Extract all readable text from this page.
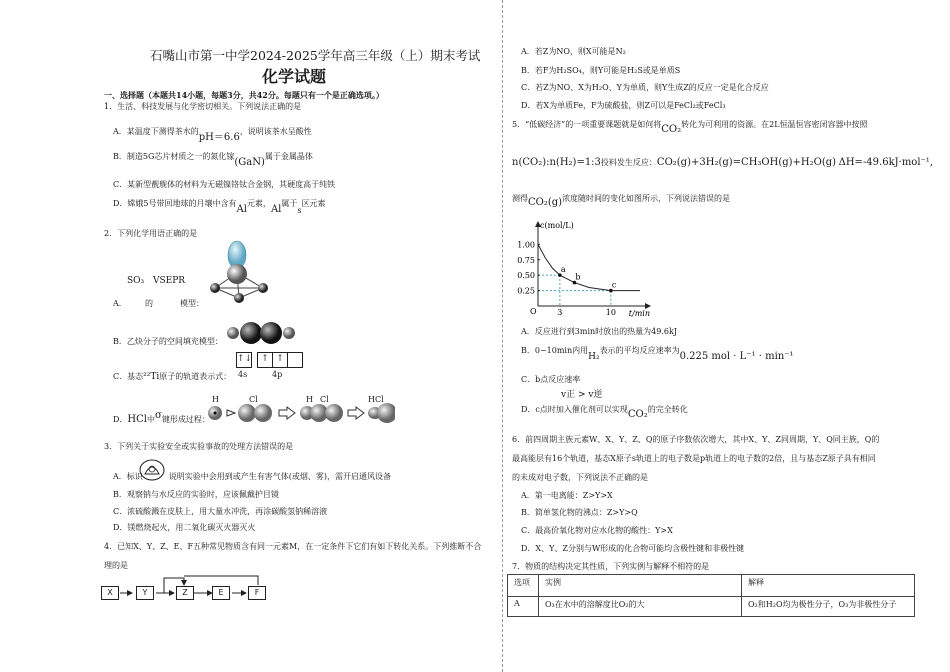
石嘴山市第一中学2024-2025学年高三年级（上）期末考试
化学试题
一、选择题（本题共14小题，每题3分，共42分。每题只有一个是正确选项。）
1．生活、科技发展与化学密切相关。下列说法正确的是
A．某温度下测得茶水的pH＝6.6，说明该茶水呈酸性
B．制造5G芯片材质之一的氮化镓(GaN)属于金属晶体
C．某新型靓舰体的材料为无磁镍铬钛合金钢，其硬度高于纯铁
D．嫦娥5号带回地球的月壤中含有Al元素，Al属于s区元素
2．下列化学用语正确的是
SO₃ VSEPR
A． 的	模型：
B．乙炔分子的空间填充模型：
C．基态²²Ti原子的轨道表示式：
↑↓	↑ ↑
4s	4p
D．HCl中σ键形成过程：
H	Cl	H Cl	HCl
3．下列关于实验安全或实验事故的处理方法错误的是
A．标识	说明实验中会用到或产生有害气体(或烟、雾)，需开启通风设备
B．观察钠与水反应的实验时，应该佩戴护目镜
C．浓硫酸溅在皮肤上，用大量水冲洗，再涂碳酸氢钠稀溶液
D．镁燃烧起火，用二氧化碳灭火器灭火
4．已知X、Y、Z、E、F五种常见物质含有同一元素M，在一定条件下它们有如下转化关系。下列推断不合
理的是
X	Y	Z	E	F
A．若Z为NO，则X可能是N₂
B．若F为H₂SO₄，则Y可能是H₂S或是单质S
C．若Z为NO、X为H₂O、Y为单质，则Y生成Z的反应一定是化合反应
D．若X为单质Fe，F为硫酸盐，则Z可以是FeCl₂或FeCl₃
5．“低碳经济”的一项重要课题就是如何将CO₂转化为可利用的资源。在2L恒温恒容密闭容器中按照
n(CO₂):n(H₂)=1:3投料发生反应：CO₂(g)+3H₂(g)=CH₃OH(g)+H₂O(g) ΔH=-49.6kJ·mol⁻¹,
测得CO₂(g)浓度随时间的变化如图所示，下列说法错误的是
a
b
c
1.00
0.75
0.50
0.25
3	10
c(mol/L)
t/min
O
A．反应进行到3min时放出的热量为49.6kJ
B．0~10min内用H₂表示的平均反应速率为0.225 mol · L⁻¹ · min⁻¹
C．b点反应速率
v正 > v逆
D．c点时加入催化剂可以实现CO₂的完全转化
6．前四周期主族元素W、X、Y、Z、Q的原子序数依次增大，其中X、Y、Z同周期，Y、Q同主族，Q的
最高能层有16个轨道，基态X原子s轨道上的电子数是p轨道上的电子数的2倍，且与基态Z原子具有相同
的未成对电子数，下列说法不正确的是
A．第一电离能：Z>Y>X
B．简单氢化物的沸点：Z>Y>Q
C．最高价氧化物对应水化物的酸性：Y>X
D．X、Y、Z分别与W形成的化合物可能均含极性键和非极性键
7．物质的结构决定其性质，下列实例与解释不相符的是
选项	实例	解释
A	O₃在水中的溶解度比O₂的大	O₂和H₂O均为极性分子，O₃为非极性分子
